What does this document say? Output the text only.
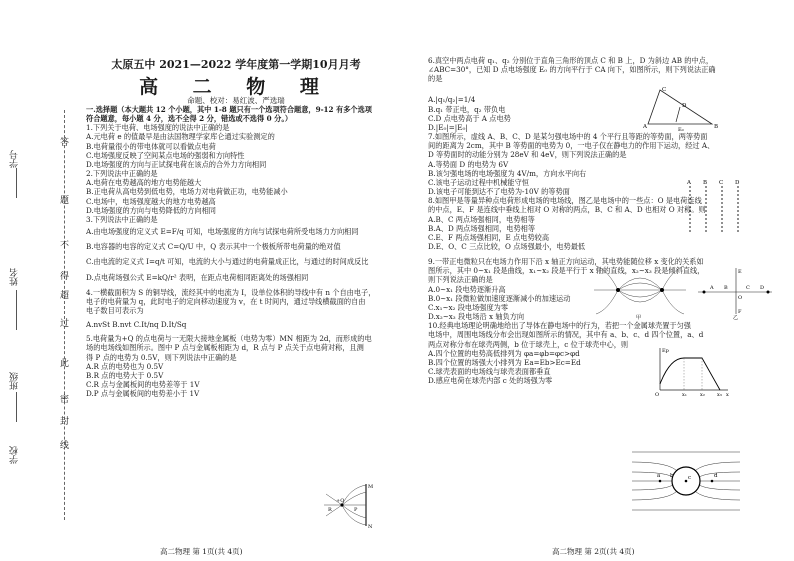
学号
姓名
班级
学校
答
题
不
得
超
过
此
密
封
线
太原五中 2021—2022 学年度第一学期10月月考
高 二 物 理
命题、校对：易红波、严选瑞
一.选择题（本大题共 12 个小题，其中 1-8 题只有一个选项符合题意，9-12 有多个选项
符合题意，每小题 4 分，选不全得 2 分，错选或不选得 0 分。）
1.下列关于电荷、电场强度的说法中正确的是
A.元电荷 e 的值最早是由法国物理学家库仑通过实验测定的
B.电荷量很小的带电体就可以看做点电荷
C.电场强度反映了空间某点电场的强弱和方向特性
D.电场强度的方向与正试探电荷在该点的合外力方向相同
2.下列说法中正确的是
A.电荷在电势越高的地方电势能越大
B.正电荷从高电势到低电势，电场力对电荷做正功，电势能减小
C.电场中，电场强度越大的地方电势越高
D.电场强度的方向与电势降低的方向相同
3.下列说法中正确的是
A.由电场强度的定义式 E=F/q 可知，电场强度的方向与试探电荷所受电场力方向相同
B.电容器的电容的定义式 C=Q/U 中，Q 表示其中一个极板所带电荷量的绝对值
C.由电流的定义式 I=q/t 可知，电流的大小与通过的电荷量成正比，与通过的时间成反比
D.点电荷场强公式 E=kQ/r² 表明，在距点电荷相同距离处的场强相同
4.一横截面积为 S 的铜导线，流经其中的电流为 I，设单位体积的导线中有 n 个自由电子，
电子的电荷量为 q，此时电子的定向移动速度为 v，在 t 时间内，通过导线横截面的自由
电子数目可表示为
A.nvSt B.nvt C.It/nq D.It/Sq
5.电荷量为+Q 的点电荷与一无限大接地金属板（电势为零）MN 相距为 2d，而形成的电
场的电场线如图所示。图中 P 点与金属板相距为 d，R 点与 P 点关于点电荷对称，且测
得 P 点的电势为 0.5V，则下列说法中正确的是
A.R 点的电势也为 0.5V
B.R 点的电势大于 0.5V
C.R 点与金属板间的电势差等于 1V
D.P 点与金属板间的电势差小于 1V
M
+Q
P
R
N
6.真空中两点电荷 q₁、q₂ 分别位于直角三角形的顶点 C 和 B 上，D 为斜边 AB 的中点，
∠ABC=30°，已知 D 点电场强度 E₀ 的方向平行于 CA 向下，如图所示，则下列说法正确
的是
A.|q₁/q₂|=1/4
B.q₁ 带正电，q₂ 带负电
C.D 点电势高于 A 点电势
D.|E₀|=|E₀|
7.如图所示，虚线 A、B、C、D 是某匀强电场中的 4 个平行且等距的等势面，两等势面
间的距离为 2cm，其中 B 等势面的电势为 0，一电子仅在静电力的作用下运动，经过 A、
D 等势面时的动能分别为 28eV 和 4eV，则下列说法正确的是
A.等势面 D 的电势为 6V
B.该匀强电场的电场强度为 4V/m，方向水平向右
C.该电子运动过程中机械能守恒
D.该电子可能到达不了电势为-10V 的等势面
8.如图甲是等量异种点电荷形成电场的电场线，图乙是电场中的一些点：O 是电荷连线
的中点，E、F 是连线中垂线上相对 O 对称的两点，B、C 和 A、D 也相对 O 对称。则
A.B、C 两点场强相同，电势相等
B.A、D 两点场强相同，电势相等
C.E、F 两点场强相同，E 点电势较高
D.E、O、C 三点比较，O 点场强最小，电势最低
9.一带正电微粒只在电场力作用下沿 x 轴正方向运动，其电势能随位移 x 变化的关系如
图所示，其中 0~x₁ 段是曲线，x₁~x₂ 段是平行于 x 轴的直线，x₂~x₃ 段是倾斜直线，
则下列说法正确的是
A.0~x₁ 段电势逐渐升高
B.0~x₁ 段微粒做加速度逐渐减小的加速运动
C.x₁~x₂ 段电场强度为零
D.x₂~x₃ 段电场沿 x 轴负方向
10.经典电场理论明确地给出了导体在静电场中的行为，若把一个金属球壳置于匀强
电场中，周围电场线分布会出现如图所示的情况，其中有 a、b、c、d 四个位置，a、d
两点对称分布在球壳两侧，b 位于球壳上，c 位于球壳中心，则
A.四个位置的电势高低排列为 φa=φb=φc>φd
B.四个位置的场强大小排列为 Ea=Eb>Ec=Ed
C.球壳表面的电场线与球壳表面都垂直
D.感应电荷在球壳内部 c 处的场强为零
C
A	B
D
E₀
A B C D
甲	乙
A B
O
C D
E
F
Ep
O	x₁	x₂ x₃ x
a b	c	d
高二物理 第 1页(共 4页)	高二物理 第 2页(共 4页)
